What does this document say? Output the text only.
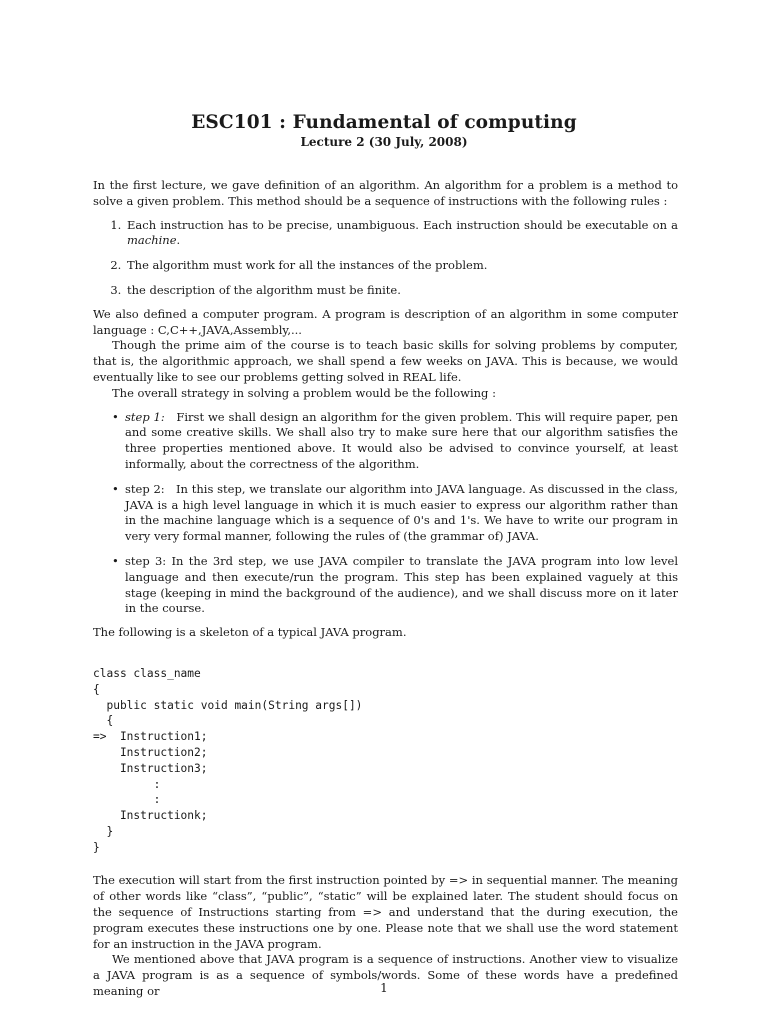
ESC101 : Fundamental of computing
Lecture 2 (30 July, 2008)

In the first lecture, we gave definition of an algorithm. An algorithm for a problem is a method to solve a given problem. This method should be a sequence of instructions with the following rules :

1. Each instruction has to be precise, unambiguous. Each instruction should be executable on a machine.
2. The algorithm must work for all the instances of the problem.
3. the description of the algorithm must be finite.

We also defined a computer program. A program is description of an algorithm in some computer language : C,C++,JAVA,Assembly,...

Though the prime aim of the course is to teach basic skills for solving problems by computer, that is, the algorithmic approach, we shall spend a few weeks on JAVA. This is because, we would eventually like to see our problems getting solved in REAL life.

The overall strategy in solving a problem would be the following :

• step 1: First we shall design an algorithm for the given problem. This will require paper, pen and some creative skills. We shall also try to make sure here that our algorithm satisfies the three properties mentioned above. It would also be advised to convince yourself, at least informally, about the correctness of the algorithm.
• step 2: In this step, we translate our algorithm into JAVA language. As discussed in the class, JAVA is a high level language in which it is much easier to express our algorithm rather than in the machine language which is a sequence of 0's and 1's. We have to write our program in very very formal manner, following the rules of (the grammar of) JAVA.
• step 3: In the 3rd step, we use JAVA compiler to translate the JAVA program into low level language and then execute/run the program. This step has been explained vaguely at this stage (keeping in mind the background of the audience), and we shall discuss more on it later in the course.

The following is a skeleton of a typical JAVA program.

class class_name
{
public static void main(String args[])
{
=>  Instruction1;
Instruction2;
Instruction3;
:
:
Instructionk;
}
}

The execution will start from the first instruction pointed by => in sequential manner. The meaning of other words like “class”, “public”, “static” will be explained later. The student should focus on the sequence of Instructions starting from => and understand that the during execution, the program executes these instructions one by one. Please note that we shall use the word statement for an instruction in the JAVA program.

We mentioned above that JAVA program is a sequence of instructions. Another view to visualize a JAVA program is as a sequence of symbols/words. Some of these words have a predefined meaning or	1
